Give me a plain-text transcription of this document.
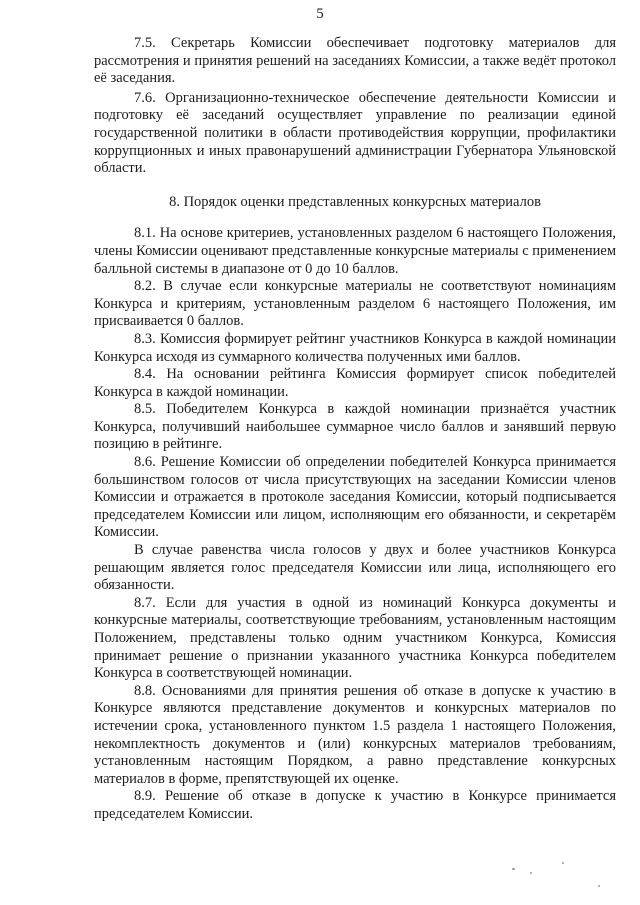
5

7.5. Секретарь Комиссии обеспечивает подготовку материалов для рассмотрения и принятия решений на заседаниях Комиссии, а также ведёт протокол её заседания.

7.6. Организационно-техническое обеспечение деятельности Комиссии и подготовку её заседаний осуществляет управление по реализации единой государственной политики в области противодействия коррупции, профилактики коррупционных и иных правонарушений администрации Губернатора Ульяновской области.

8. Порядок оценки представленных конкурсных материалов

8.1. На основе критериев, установленных разделом 6 настоящего Положения, члены Комиссии оценивают представленные конкурсные материалы с применением балльной системы в диапазоне от 0 до 10 баллов.

8.2. В случае если конкурсные материалы не соответствуют номинациям Конкурса и критериям, установленным разделом 6 настоящего Положения, им присваивается 0 баллов.

8.3. Комиссия формирует рейтинг участников Конкурса в каждой номинации Конкурса исходя из суммарного количества полученных ими баллов.

8.4. На основании рейтинга Комиссия формирует список победителей Конкурса в каждой номинации.

8.5. Победителем Конкурса в каждой номинации признаётся участник Конкурса, получивший наибольшее суммарное число баллов и занявший первую позицию в рейтинге.

8.6. Решение Комиссии об определении победителей Конкурса принимается большинством голосов от числа присутствующих на заседании Комиссии членов Комиссии и отражается в протоколе заседания Комиссии, который подписывается председателем Комиссии или лицом, исполняющим его обязанности, и секретарём Комиссии.

В случае равенства числа голосов у двух и более участников Конкурса решающим является голос председателя Комиссии или лица, исполняющего его обязанности.

8.7. Если для участия в одной из номинаций Конкурса документы и конкурсные материалы, соответствующие требованиям, установленным настоящим Положением, представлены только одним участником Конкурса, Комиссия принимает решение о признании указанного участника Конкурса победителем Конкурса в соответствующей номинации.

8.8. Основаниями для принятия решения об отказе в допуске к участию в Конкурсе являются представление документов и конкурсных материалов по истечении срока, установленного пунктом 1.5 раздела 1 настоящего Положения, некомплектность документов и (или) конкурсных материалов требованиям, установленным настоящим Порядком, а равно представление конкурсных материалов в форме, препятствующей их оценке.

8.9. Решение об отказе в допуске к участию в Конкурсе принимается председателем Комиссии.
